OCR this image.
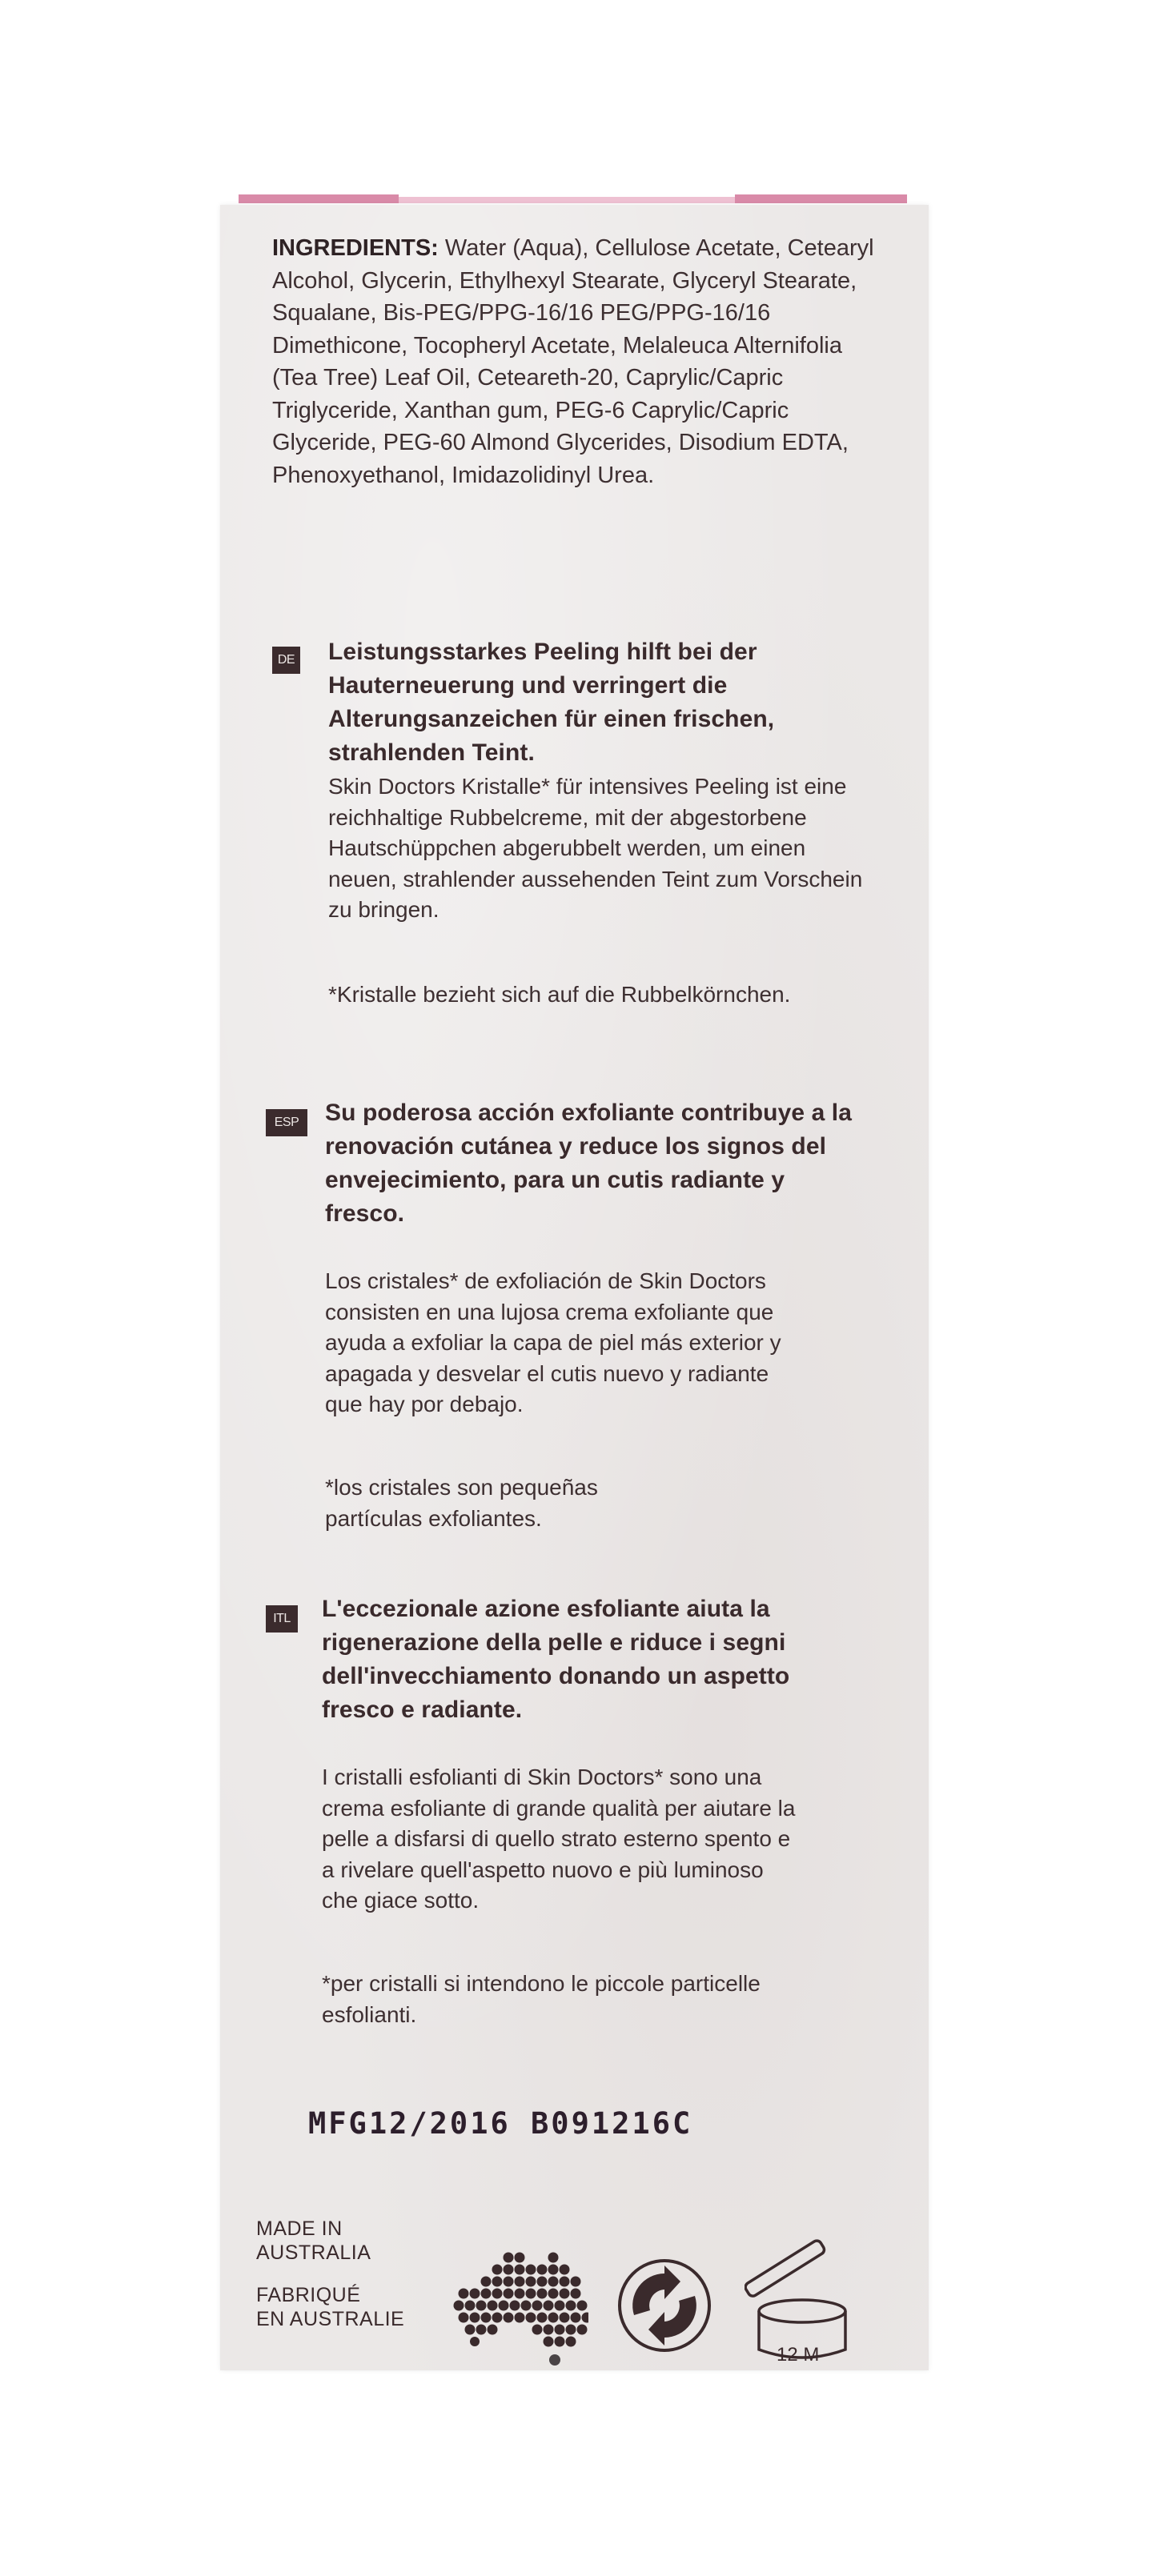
INGREDIENTS: Water (Aqua), Cellulose Acetate, Cetearyl Alcohol, Glycerin, Ethylhexyl Stearate, Glyceryl Stearate, Squalane, Bis-PEG/PPG-16/16 PEG/PPG-16/16 Dimethicone, Tocopheryl Acetate, Melaleuca Alternifolia (Tea Tree) Leaf Oil, Ceteareth-20, Caprylic/Capric Triglyceride, Xanthan gum, PEG-6 Caprylic/Capric Glyceride, PEG-60 Almond Glycerides, Disodium EDTA, Phenoxyethanol, Imidazolidinyl Urea.
DE Leistungsstarkes Peeling hilft bei der Hauterneuerung und verringert die Alterungsanzeichen für einen frischen, strahlenden Teint.
Skin Doctors Kristalle* für intensives Peeling ist eine reichhaltige Rubbelcreme, mit der abgestorbene Hautschüppchen abgerubbelt werden, um einen neuen, strahlender aussehenden Teint zum Vorschein zu bringen.
*Kristalle bezieht sich auf die Rubbelkörnchen.
ESP	Su poderosa acción exfoliante contribuye a la renovación cutánea y reduce los signos del envejecimiento, para un cutis radiante y fresco.
Los cristales* de exfoliación de Skin Doctors consisten en una lujosa crema exfoliante que ayuda a exfoliar la capa de piel más exterior y apagada y desvelar el cutis nuevo y radiante que hay por debajo.
*los cristales son pequeñas partículas exfoliantes.
ITL	L'eccezionale azione esfoliante aiuta la rigenerazione della pelle e riduce i segni dell'invecchiamento donando un aspetto fresco e radiante.
I cristalli esfolianti di Skin Doctors* sono una crema esfoliante di grande qualità per aiutare la pelle a disfarsi di quello strato esterno spento e a rivelare quell'aspetto nuovo e più luminoso che giace sotto.
*per cristalli si intendono le piccole particelle esfolianti.
MFG12/2016 B091216C
MADE IN
AUSTRALIA
FABRIQUÉ
EN AUSTRALIE
12 M
